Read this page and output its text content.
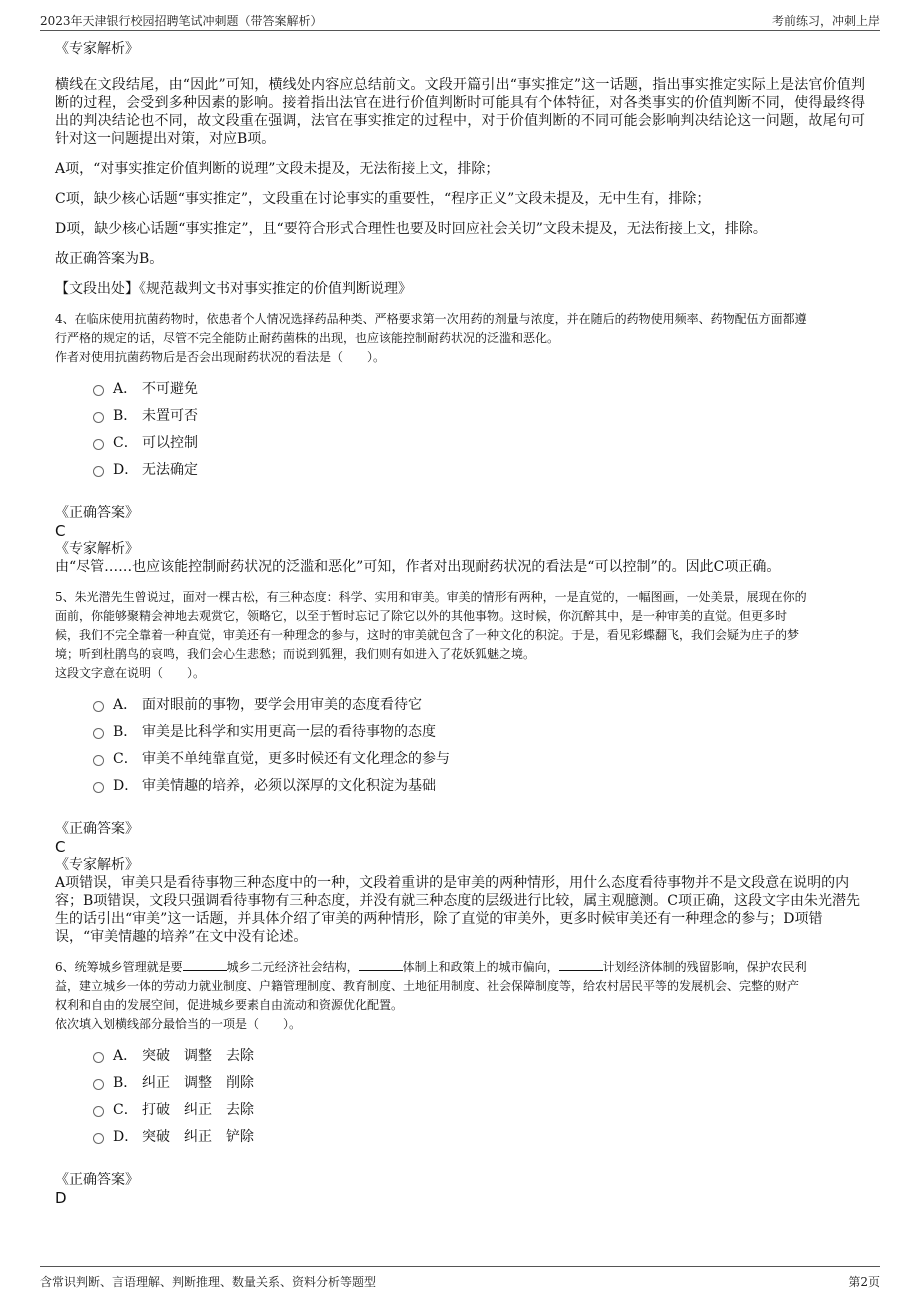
2023年天津银行校园招聘笔试冲刺题（带答案解析）	考前练习，冲刺上岸

《专家解析》

横线在文段结尾，由“因此”可知，横线处内容应总结前文。文段开篇引出“事实推定”这一话题，指出事实推定实际上是法官价值判断的过程，会受到多种因素的影响。接着指出法官在进行价值判断时可能具有个体特征，对各类事实的价值判断不同，使得最终得出的判决结论也不同，故文段重在强调，法官在事实推定的过程中，对于价值判断的不同可能会影响判决结论这一问题，故尾句可针对这一问题提出对策，对应B项。

A项，“对事实推定价值判断的说理”文段未提及，无法衔接上文，排除；

C项，缺少核心话题“事实推定”，文段重在讨论事实的重要性，“程序正义”文段未提及，无中生有，排除；

D项，缺少核心话题“事实推定”，且“要符合形式合理性也要及时回应社会关切”文段未提及，无法衔接上文，排除。

故正确答案为B。

【文段出处】《规范裁判文书对事实推定的价值判断说理》

4、在临床使用抗菌药物时，依患者个人情况选择药品种类、严格要求第一次用药的剂量与浓度，并在随后的药物使用频率、药物配伍方面都遵

行严格的规定的话，尽管不完全能防止耐药菌株的出现，也应该能控制耐药状况的泛滥和恶化。

作者对使用抗菌药物后是否会出现耐药状况的看法是（　　）。

A． 不可避免
B． 未置可否
C． 可以控制
D． 无法确定

《正确答案》

C

《专家解析》

由“尽管……也应该能控制耐药状况的泛滥和恶化”可知，作者对出现耐药状况的看法是“可以控制”的。因此C项正确。

5、朱光潜先生曾说过，面对一棵古松，有三种态度：科学、实用和审美。审美的情形有两种，一是直觉的，一幅图画，一处美景，展现在你的

面前，你能够聚精会神地去观赏它，领略它，以至于暂时忘记了除它以外的其他事物。这时候，你沉醉其中，是一种审美的直觉。但更多时

候，我们不完全靠着一种直觉，审美还有一种理念的参与，这时的审美就包含了一种文化的积淀。于是，看见彩蝶翻飞，我们会疑为庄子的梦

境；听到杜鹃鸟的哀鸣，我们会心生悲愁；而说到狐狸，我们则有如进入了花妖狐魅之境。

这段文字意在说明（　　）。

A． 面对眼前的事物，要学会用审美的态度看待它
B． 审美是比科学和实用更高一层的看待事物的态度
C． 审美不单纯靠直觉，更多时候还有文化理念的参与
D． 审美情趣的培养，必须以深厚的文化积淀为基础

《正确答案》

C

《专家解析》

A项错误，审美只是看待事物三种态度中的一种，文段着重讲的是审美的两种情形，用什么态度看待事物并不是文段意在说明的内容；B项错误，文段只强调看待事物有三种态度，并没有就三种态度的层级进行比较，属主观臆测。C项正确，这段文字由朱光潜先生的话引出“审美”这一话题，并具体介绍了审美的两种情形，除了直觉的审美外，更多时候审美还有一种理念的参与；D项错误，“审美情趣的培养”在文中没有论述。

6、统筹城乡管理就是要	城乡二元经济社会结构，	体制上和政策上的城市偏向，	计划经济体制的残留影响，保护农民利

益，建立城乡一体的劳动力就业制度、户籍管理制度、教育制度、土地征用制度、社会保障制度等，给农村居民平等的发展机会、完整的财产

权利和自由的发展空间，促进城乡要素自由流动和资源优化配置。

依次填入划横线部分最恰当的一项是（　　）。

A． 突破　调整　去除
B． 纠正　调整　削除
C． 打破　纠正　去除
D． 突破　纠正　铲除

《正确答案》

D

含常识判断、言语理解、判断推理、数量关系、资料分析等题型	第2页
